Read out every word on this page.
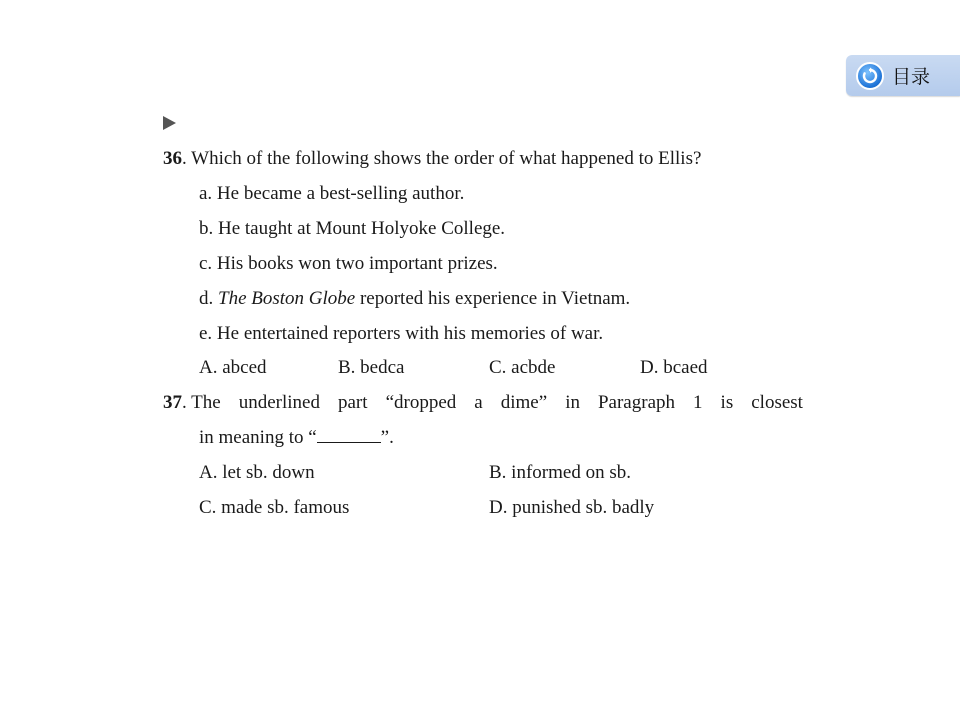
目录
36. Which of the following shows the order of what happened to Ellis?
a. He became a best-selling author.
b. He taught at Mount Holyoke College.
c. His books won two important prizes.
d. The Boston Globe reported his experience in Vietnam.
e. He entertained reporters with his memories of war.
A. abced	B. bedca	C. acbde	D. bcaed
37. The underlined part “dropped a dime” in Paragraph 1 is closest
in meaning to “	”.
A. let sb. down	B. informed on sb.
C. made sb. famous	D. punished sb. badly
